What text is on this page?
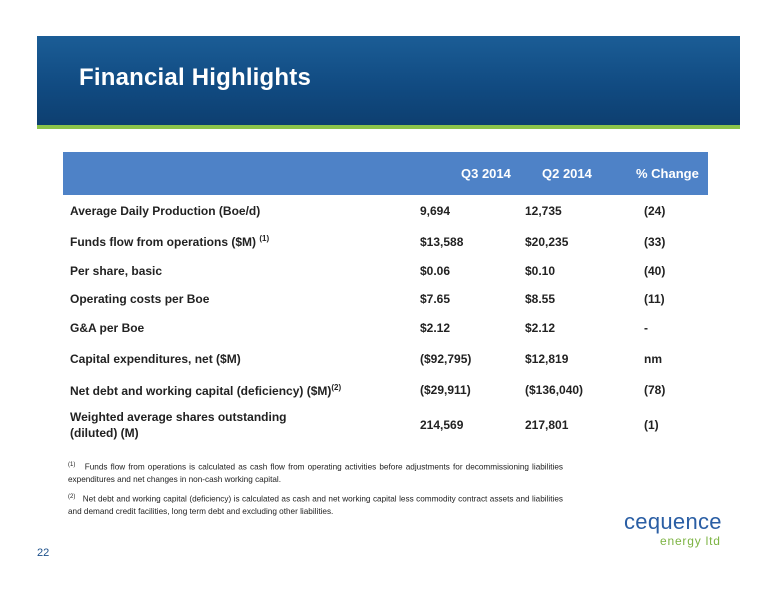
Financial Highlights
	Q3 2014	Q2 2014	% Change
Average Daily Production (Boe/d)	9,694	12,735	(24)
Funds flow from operations ($M) $^{(1)}$	$13,588	$20,235	(33)
Per share, basic	$0.06	$0.10	(40)
Operating costs per Boe	$7.65	$8.55	(11)
G&A per Boe	$2.12	$2.12	-
Capital expenditures, net ($M)	($92,795)	$12,819	nm
Net debt and working capital (deficiency) ($M)$^{(2)}$	($29,911)	($136,040)	(78)

Weighted average shares outstanding
(diluted) (M)	214,569	217,801	(1)

$^{(1)}$ Funds flow from operations is calculated as cash flow from operating activities before adjustments for decommissioning liabilities expenditures and net changes in non-cash working capital.

$^{(2)}$ Net debt and working capital (deficiency) is calculated as cash and net working capital less commodity contract assets and liabilities and demand credit facilities, long term debt and excluding other liabilities.	cequence
energy ltd
22
